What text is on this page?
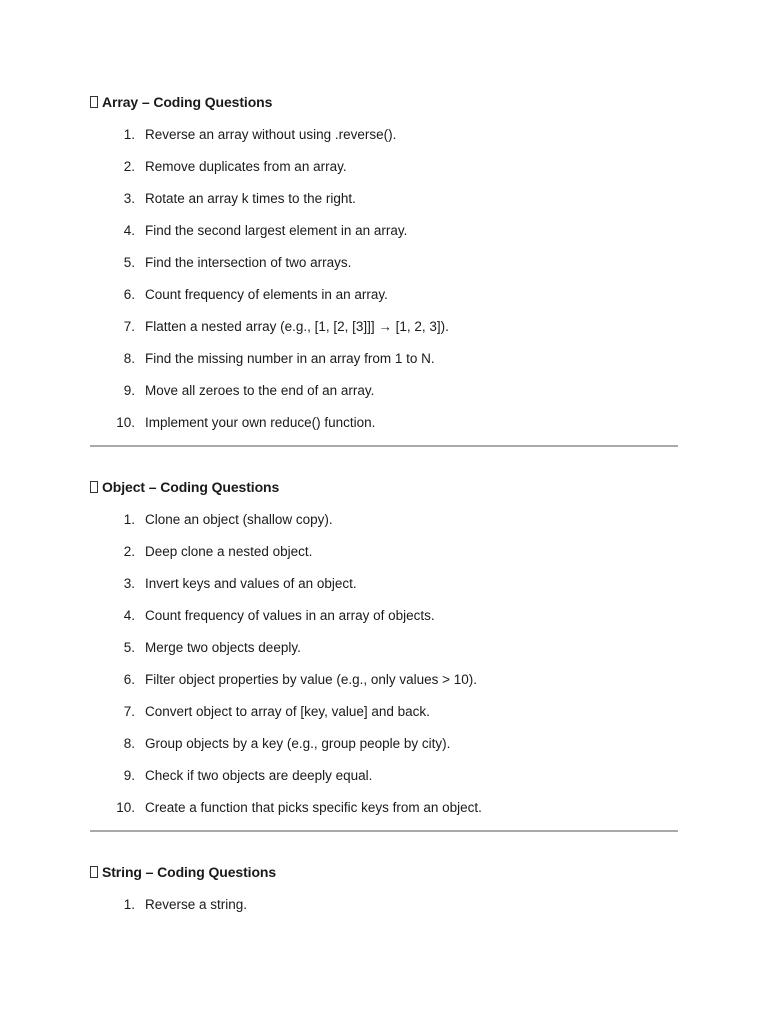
Array – Coding Questions
1. Reverse an array without using .reverse().
2. Remove duplicates from an array.
3. Rotate an array k times to the right.
4. Find the second largest element in an array.
5. Find the intersection of two arrays.
6. Count frequency of elements in an array.
7. Flatten a nested array (e.g., [1, [2, [3]]] → [1, 2, 3]).
8. Find the missing number in an array from 1 to N.
9. Move all zeroes to the end of an array.
10. Implement your own reduce() function.
Object – Coding Questions
1. Clone an object (shallow copy).
2. Deep clone a nested object.
3. Invert keys and values of an object.
4. Count frequency of values in an array of objects.
5. Merge two objects deeply.
6. Filter object properties by value (e.g., only values > 10).
7. Convert object to array of [key, value] and back.
8. Group objects by a key (e.g., group people by city).
9. Check if two objects are deeply equal.
10. Create a function that picks specific keys from an object.
String – Coding Questions
1. Reverse a string.
